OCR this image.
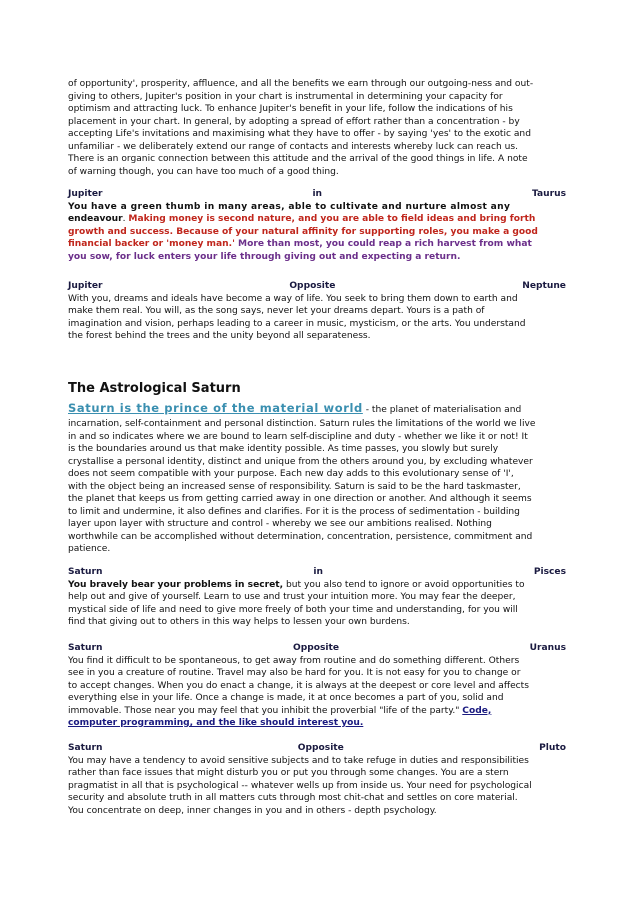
of opportunity', prosperity, affluence, and all the benefits we earn through our outgoing-ness and out-

giving to others, Jupiter's position in your chart is instrumental in determining your capacity for

optimism and attracting luck. To enhance Jupiter's benefit in your life, follow the indications of his

placement in your chart. In general, by adopting a spread of effort rather than a concentration - by

accepting Life's invitations and maximising what they have to offer - by saying 'yes' to the exotic and

unfamiliar - we deliberately extend our range of contacts and interests whereby luck can reach us.

There is an organic connection between this attitude and the arrival of the good things in life. A note

of warning though, you can have too much of a good thing.

Jupiter	in	Taurus

You have a green thumb in many areas, able to cultivate and nurture almost any

endeavour. Making money is second nature, and you are able to field ideas and bring forth

growth and success. Because of your natural affinity for supporting roles, you make a good

financial backer or 'money man.' More than most, you could reap a rich harvest from what

you sow, for luck enters your life through giving out and expecting a return.

Jupiter	Opposite	Neptune

With you, dreams and ideals have become a way of life. You seek to bring them down to earth and

make them real. You will, as the song says, never let your dreams depart. Yours is a path of

imagination and vision, perhaps leading to a career in music, mysticism, or the arts. You understand

the forest behind the trees and the unity beyond all separateness.

The Astrological Saturn

Saturn is the prince of the material world - the planet of materialisation and

incarnation, self-containment and personal distinction. Saturn rules the limitations of the world we live

in and so indicates where we are bound to learn self-discipline and duty - whether we like it or not! It

is the boundaries around us that make identity possible. As time passes, you slowly but surely

crystallise a personal identity, distinct and unique from the others around you, by excluding whatever

does not seem compatible with your purpose. Each new day adds to this evolutionary sense of 'I',

with the object being an increased sense of responsibility. Saturn is said to be the hard taskmaster,

the planet that keeps us from getting carried away in one direction or another. And although it seems

to limit and undermine, it also defines and clarifies. For it is the process of sedimentation - building

layer upon layer with structure and control - whereby we see our ambitions realised. Nothing

worthwhile can be accomplished without determination, concentration, persistence, commitment and

patience.

Saturn	in	Pisces

You bravely bear your problems in secret, but you also tend to ignore or avoid opportunities to

help out and give of yourself. Learn to use and trust your intuition more. You may fear the deeper,

mystical side of life and need to give more freely of both your time and understanding, for you will

find that giving out to others in this way helps to lessen your own burdens.

Saturn	Opposite	Uranus

You find it difficult to be spontaneous, to get away from routine and do something different. Others

see in you a creature of routine. Travel may also be hard for you. It is not easy for you to change or

to accept changes. When you do enact a change, it is always at the deepest or core level and affects

everything else in your life. Once a change is made, it at once becomes a part of you, solid and

immovable. Those near you may feel that you inhibit the proverbial "life of the party." Code,

computer programming, and the like should interest you.

Saturn	Opposite	Pluto

You may have a tendency to avoid sensitive subjects and to take refuge in duties and responsibilities

rather than face issues that might disturb you or put you through some changes. You are a stern

pragmatist in all that is psychological -- whatever wells up from inside us. Your need for psychological

security and absolute truth in all matters cuts through most chit-chat and settles on core material.

You concentrate on deep, inner changes in you and in others - depth psychology.
